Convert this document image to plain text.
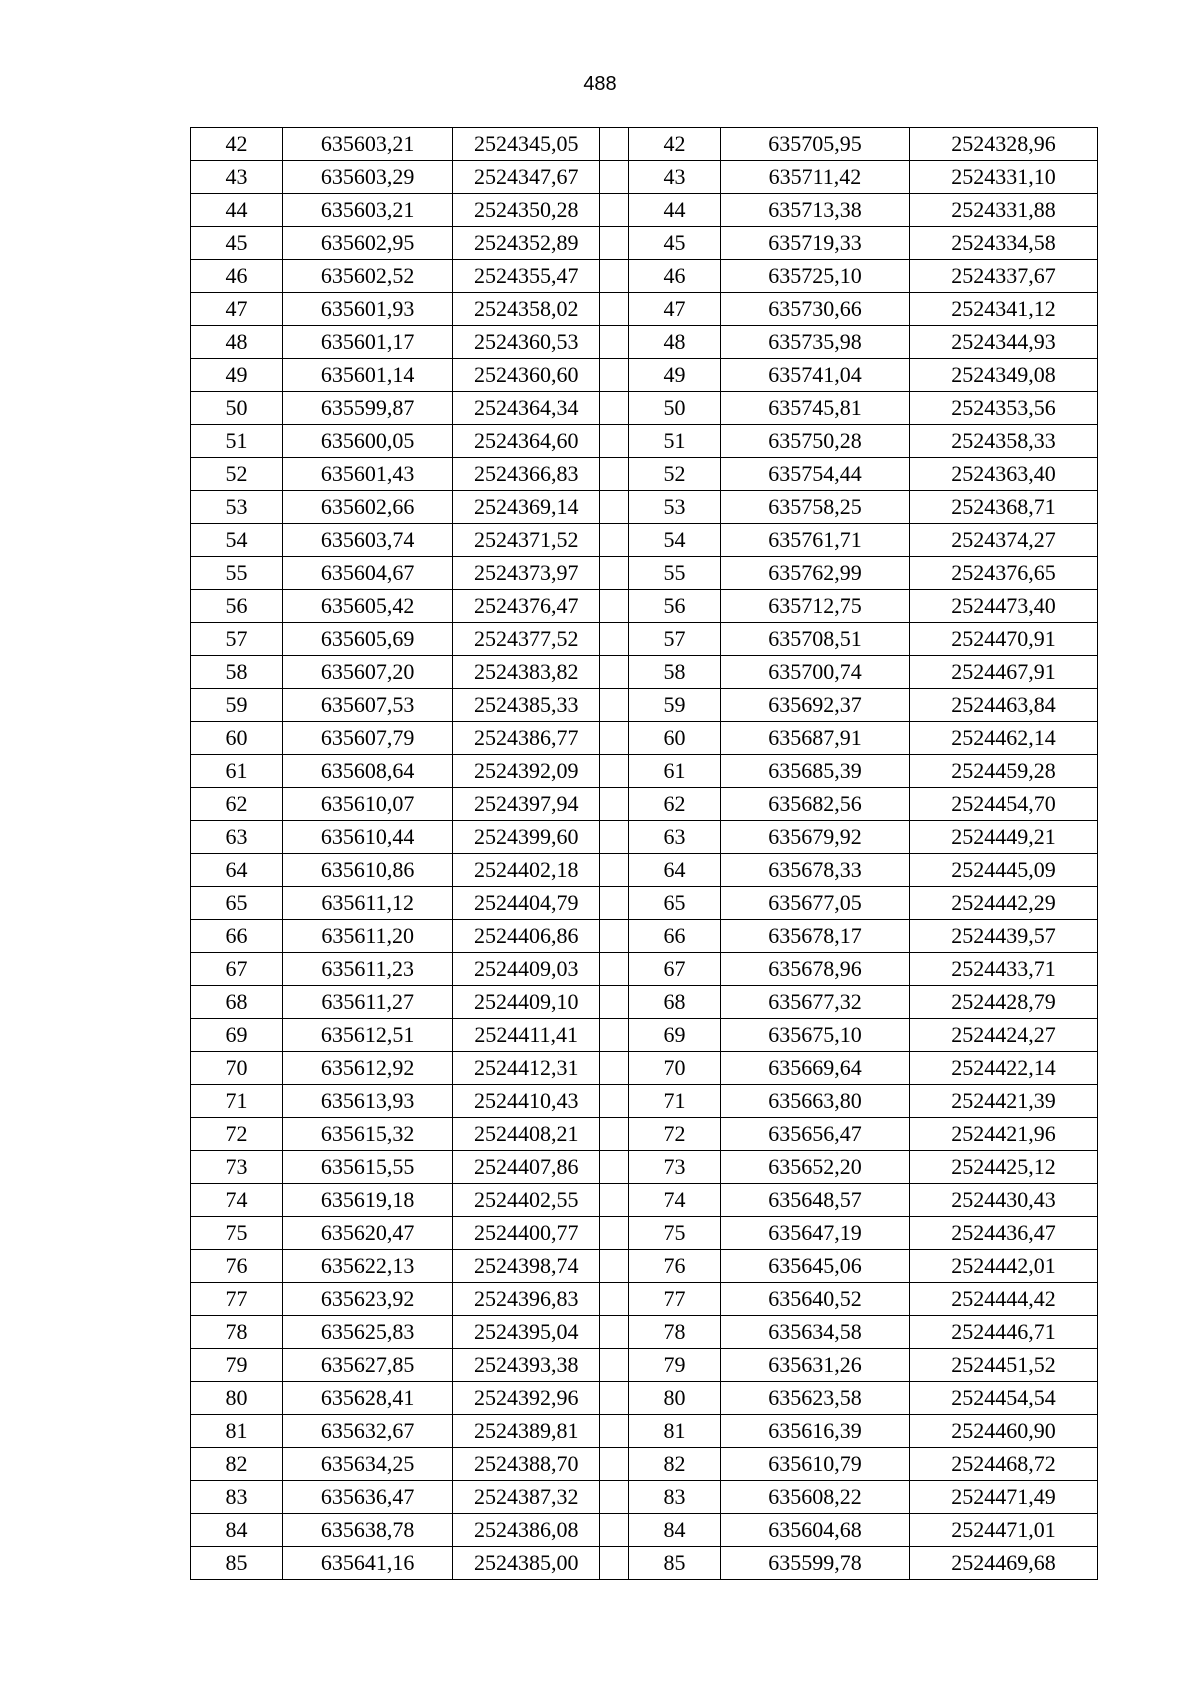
488
42	635603,21	2524345,05		42	635705,95	2524328,96
43	635603,29	2524347,67		43	635711,42	2524331,10
44	635603,21	2524350,28		44	635713,38	2524331,88
45	635602,95	2524352,89		45	635719,33	2524334,58
46	635602,52	2524355,47		46	635725,10	2524337,67
47	635601,93	2524358,02		47	635730,66	2524341,12
48	635601,17	2524360,53		48	635735,98	2524344,93
49	635601,14	2524360,60		49	635741,04	2524349,08
50	635599,87	2524364,34		50	635745,81	2524353,56
51	635600,05	2524364,60		51	635750,28	2524358,33
52	635601,43	2524366,83		52	635754,44	2524363,40
53	635602,66	2524369,14		53	635758,25	2524368,71
54	635603,74	2524371,52		54	635761,71	2524374,27
55	635604,67	2524373,97		55	635762,99	2524376,65
56	635605,42	2524376,47		56	635712,75	2524473,40
57	635605,69	2524377,52		57	635708,51	2524470,91
58	635607,20	2524383,82		58	635700,74	2524467,91
59	635607,53	2524385,33		59	635692,37	2524463,84
60	635607,79	2524386,77		60	635687,91	2524462,14
61	635608,64	2524392,09		61	635685,39	2524459,28
62	635610,07	2524397,94		62	635682,56	2524454,70
63	635610,44	2524399,60		63	635679,92	2524449,21
64	635610,86	2524402,18		64	635678,33	2524445,09
65	635611,12	2524404,79		65	635677,05	2524442,29
66	635611,20	2524406,86		66	635678,17	2524439,57
67	635611,23	2524409,03		67	635678,96	2524433,71
68	635611,27	2524409,10		68	635677,32	2524428,79
69	635612,51	2524411,41		69	635675,10	2524424,27
70	635612,92	2524412,31		70	635669,64	2524422,14
71	635613,93	2524410,43		71	635663,80	2524421,39
72	635615,32	2524408,21		72	635656,47	2524421,96
73	635615,55	2524407,86		73	635652,20	2524425,12
74	635619,18	2524402,55		74	635648,57	2524430,43
75	635620,47	2524400,77		75	635647,19	2524436,47
76	635622,13	2524398,74		76	635645,06	2524442,01
77	635623,92	2524396,83		77	635640,52	2524444,42
78	635625,83	2524395,04		78	635634,58	2524446,71
79	635627,85	2524393,38		79	635631,26	2524451,52
80	635628,41	2524392,96		80	635623,58	2524454,54
81	635632,67	2524389,81		81	635616,39	2524460,90
82	635634,25	2524388,70		82	635610,79	2524468,72
83	635636,47	2524387,32		83	635608,22	2524471,49
84	635638,78	2524386,08		84	635604,68	2524471,01
85	635641,16	2524385,00		85	635599,78	2524469,68
